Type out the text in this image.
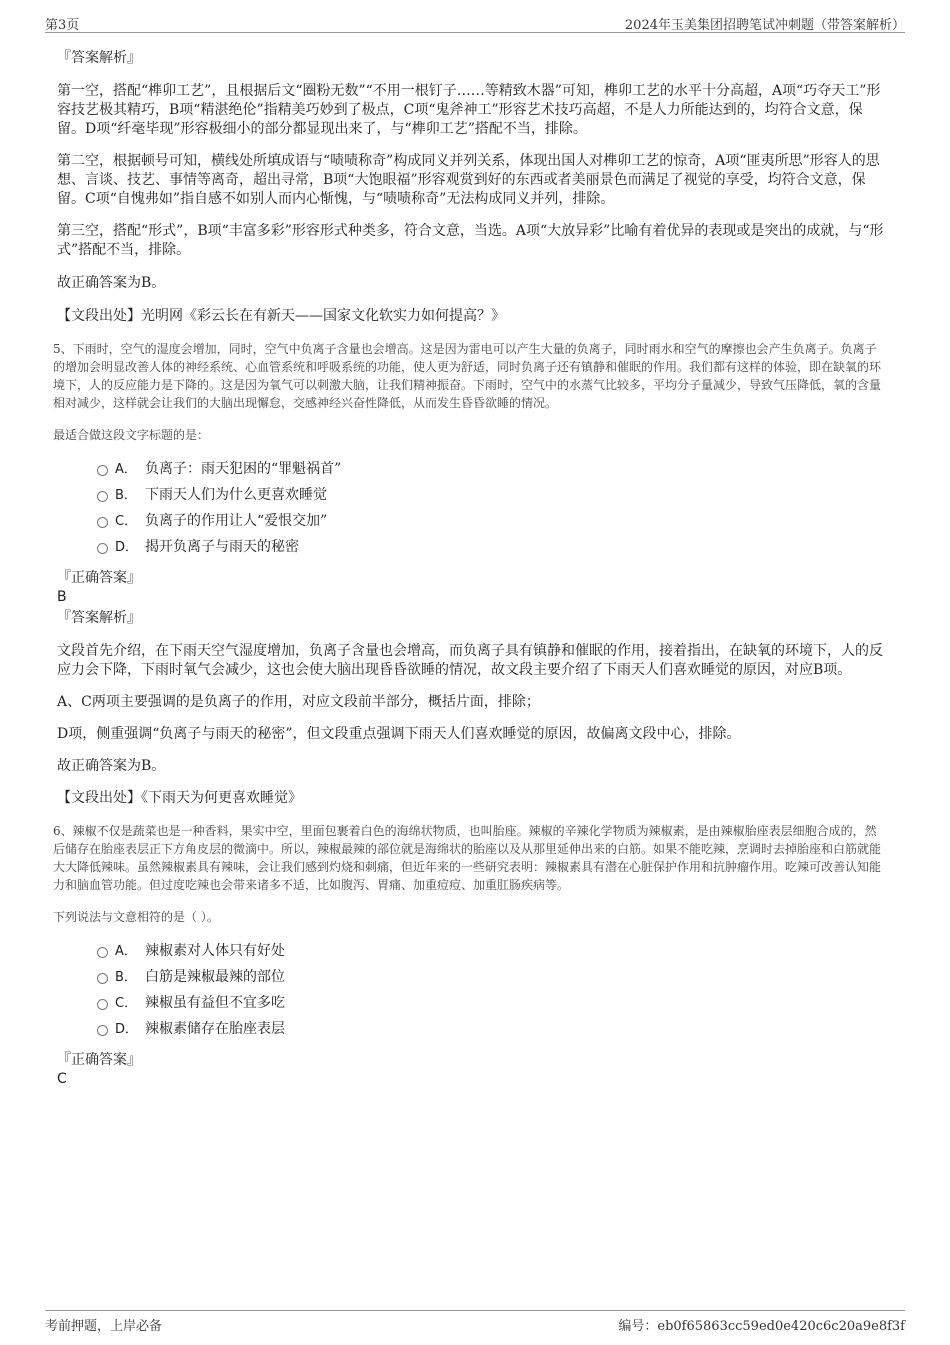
第3页	2024年玉美集团招聘笔试冲刺题（带答案解析）

『答案解析』

第一空，搭配“榫卯工艺”，且根据后文“圈粉无数”“不用一根钉子……等精致木器”可知，榫卯工艺的水平十分高超，A项“巧夺天工”形容技艺极其精巧，B项“精湛绝伦”指精美巧妙到了极点，C项“鬼斧神工”形容艺术技巧高超，不是人力所能达到的，均符合文意，保留。D项“纤毫毕现”形容极细小的部分都显现出来了，与“榫卯工艺”搭配不当，排除。

第二空，根据顿号可知，横线处所填成语与“啧啧称奇”构成同义并列关系，体现出国人对榫卯工艺的惊奇，A项“匪夷所思”形容人的思想、言谈、技艺、事情等离奇，超出寻常，B项“大饱眼福”形容观赏到好的东西或者美丽景色而满足了视觉的享受，均符合文意，保留。C项“自愧弗如”指自感不如别人而内心惭愧，与“啧啧称奇”无法构成同义并列，排除。

第三空，搭配“形式”，B项“丰富多彩”形容形式种类多，符合文意，当选。A项“大放异彩”比喻有着优异的表现或是突出的成就，与“形式”搭配不当，排除。

故正确答案为B。

【文段出处】光明网《彩云长在有新天——国家文化软实力如何提高？》

5、下雨时，空气的湿度会增加，同时，空气中负离子含量也会增高。这是因为雷电可以产生大量的负离子，同时雨水和空气的摩擦也会产生负离子。负离子的增加会明显改善人体的神经系统、心血管系统和呼吸系统的功能，使人更为舒适，同时负离子还有镇静和催眠的作用。我们都有这样的体验，即在缺氧的环境下，人的反应能力是下降的。这是因为氧气可以刺激大脑，让我们精神振奋。下雨时，空气中的水蒸气比较多，平均分子量减少，导致气压降低，氧的含量相对减少，这样就会让我们的大脑出现懈怠，交感神经兴奋性降低，从而发生昏昏欲睡的情况。

最适合做这段文字标题的是：

A． 负离子：雨天犯困的“罪魁祸首”
B． 下雨天人们为什么更喜欢睡觉
C． 负离子的作用让人“爱恨交加”
D． 揭开负离子与雨天的秘密

『正确答案』

B

『答案解析』

文段首先介绍，在下雨天空气湿度增加，负离子含量也会增高，而负离子具有镇静和催眠的作用，接着指出，在缺氧的环境下，人的反应力会下降，下雨时氧气会减少，这也会使大脑出现昏昏欲睡的情况，故文段主要介绍了下雨天人们喜欢睡觉的原因，对应B项。

A、C两项主要强调的是负离子的作用，对应文段前半部分，概括片面，排除；

D项，侧重强调“负离子与雨天的秘密”，但文段重点强调下雨天人们喜欢睡觉的原因，故偏离文段中心，排除。

故正确答案为B。

【文段出处】《下雨天为何更喜欢睡觉》

6、辣椒不仅是蔬菜也是一种香料，果实中空，里面包裹着白色的海绵状物质，也叫胎座。辣椒的辛辣化学物质为辣椒素，是由辣椒胎座表层细胞合成的，然后储存在胎座表层正下方角皮层的微滴中。所以，辣椒最辣的部位就是海绵状的胎座以及从那里延伸出来的白筋。如果不能吃辣，烹调时去掉胎座和白筋就能大大降低辣味。虽然辣椒素具有辣味，会让我们感到灼烧和刺痛，但近年来的一些研究表明：辣椒素具有潜在心脏保护作用和抗肿瘤作用。吃辣可改善认知能力和脑血管功能。但过度吃辣也会带来诸多不适，比如腹泻、胃痛、加重痘痘、加重肛肠疾病等。

下列说法与文意相符的是（ ）。

A． 辣椒素对人体只有好处
B． 白筋是辣椒最辣的部位
C． 辣椒虽有益但不宜多吃
D． 辣椒素储存在胎座表层

『正确答案』

C

考前押题，上岸必备	编号：eb0f65863cc59ed0e420c6c20a9e8f3f
